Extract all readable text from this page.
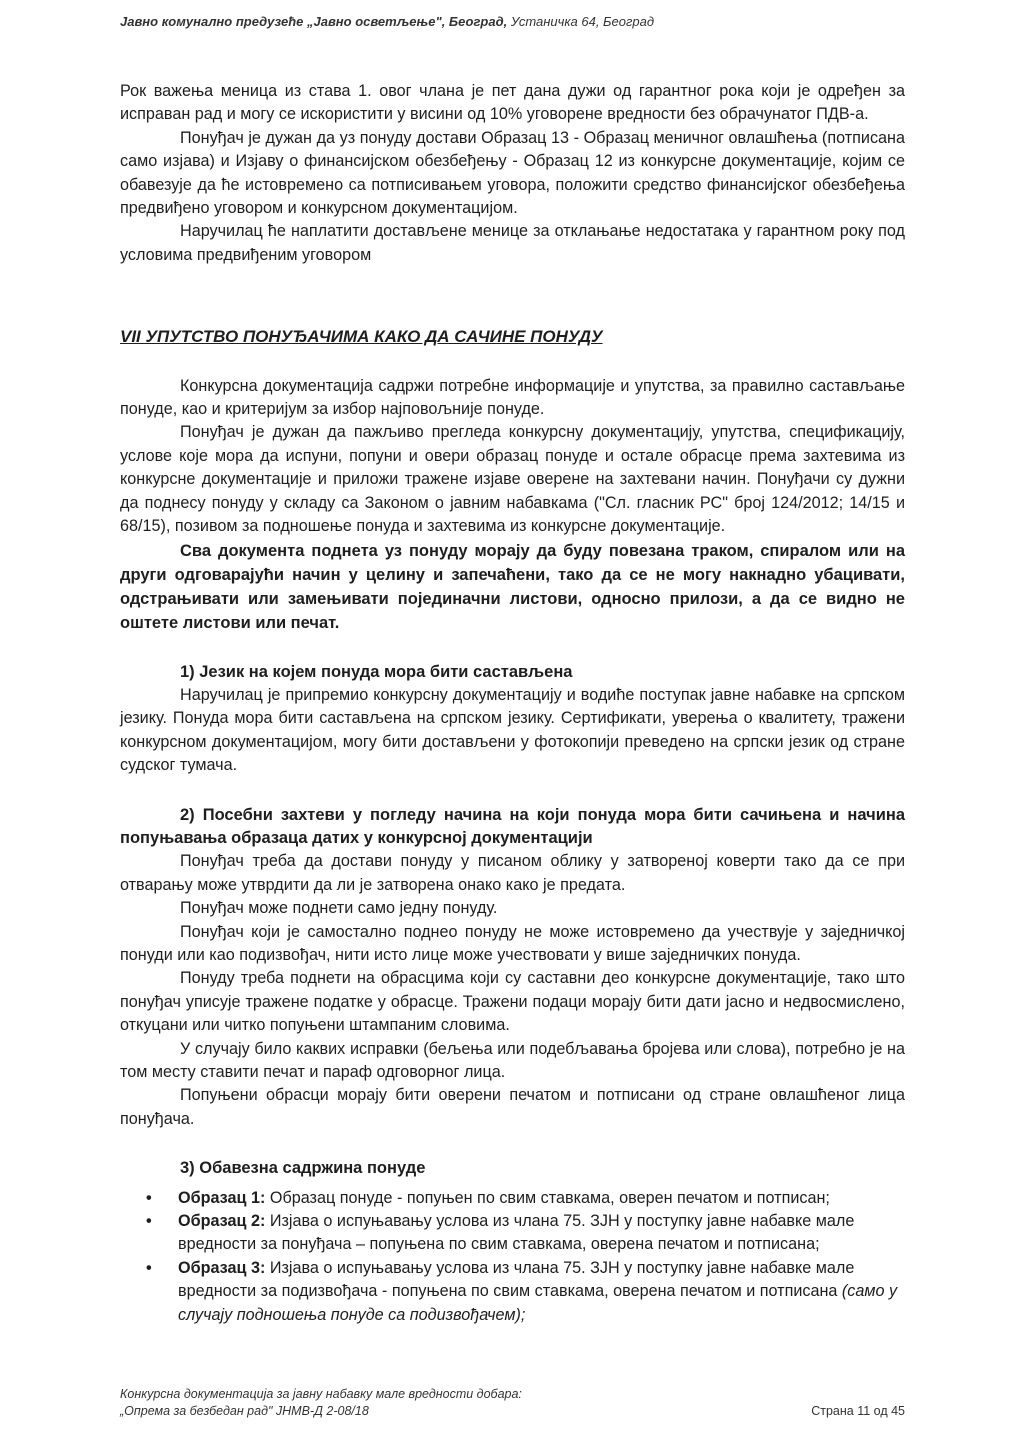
Јавно комунално предузеће „Јавно осветљење", Београд, Устаничка 64, Београд

Рок важења меница из става 1. овог члана је пет дана дужи од гарантног рока који је одређен за исправан рад и могу се искористити у висини од 10% уговорене вредности без обрачунатог ПДВ-а.

Понуђач је дужан да уз понуду достави Образац 13 - Образац меничног овлашћења (потписана само изјава) и Изјаву о финансијском обезбеђењу - Образац 12 из конкурсне документације, којим се обавезује да ће истовремено са потписивањем уговора, положити средство финансијског обезбеђења предвиђено уговором и конкурсном документацијом.

Наручилац ће наплатити достављене менице за отклањање недостатака у гарантном року под условима предвиђеним уговором

VII УПУТСТВО ПОНУЂАЧИМА КАКО ДА САЧИНЕ ПОНУДУ

Конкурсна документација садржи потребне информације и упутства, за правилно састављање понуде, као и критеријум за избор најповољније понуде.

Понуђач је дужан да пажљиво прегледа конкурсну документацију, упутства, спецификацију, услове које мора да испуни, попуни и овери образац понуде и остале обрасце према захтевима из конкурсне документације и приложи тражене изјаве оверене на захтевани начин. Понуђачи су дужни да поднесу понуду у складу са Законом о јавним набавкама ("Сл. гласник РС" број 124/2012; 14/15 и 68/15), позивом за подношење понуда и захтевима из конкурсне документације.

Сва документа поднета уз понуду морају да буду повезана траком, спиралом или на други одговарајући начин у целину и запечаћени, тако да се не могу накнадно убацивати, одстрањивати или замењивати појединачни листови, односно прилози, а да се видно не оштете листови или печат.

1) Језик на којем понуда мора бити састављена

Наручилац је припремио конкурсну документацију и водиће поступак јавне набавке на српском језику. Понуда мора бити састављена на српском језику. Сертификати, уверења о квалитету, тражени конкурсном документацијом, могу бити достављени у фотокопији преведено на српски језик од стране судског тумача.

2) Посебни захтеви у погледу начина на који понуда мора бити сачињена и начина попуњавања образаца датих у конкурсној документацији

Понуђач треба да достави понуду у писаном облику у затвореној коверти тако да се при отварању може утврдити да ли је затворена онако како је предата.

Понуђач може поднети само једну понуду.

Понуђач који је самостално поднео понуду не може истовремено да учествује у заједничкој понуди или као подизвођач, нити исто лице може учествовати у више заједничких понуда.

Понуду треба поднети на обрасцима који су саставни део конкурсне документације, тако што понуђач уписује тражене податке у обрасце. Тражени подаци морају бити дати јасно и недвосмислено, откуцани или читко попуњени штампаним словима.

У случају било каквих исправки (бељења или подебљавања бројева или слова), потребно је на том месту ставити печат и параф одговорног лица.

Попуњени обрасци морају бити оверени печатом и потписани од стране овлашћеног лица понуђача.

3) Обавезна садржина понуде
• Образац 1: Образац понуде - попуњен по свим ставкама, оверен печатом и потписан;
• Образац 2: Изјава о испуњавању услова из члана 75. ЗЈН у поступку јавне набавке мале вредности за понуђача – попуњена по свим ставкама, оверена печатом и потписана;
• Образац 3: Изјава о испуњавању услова из члана 75. ЗЈН у поступку јавне набавке мале вредности за подизвођача - попуњена по свим ставкама, оверена печатом и потписана (само у случају подношења понуде са подизвођачем);
Конкурсна документација за јавну набавку мале вредности добара:
„Опрема за безбедан рад" ЈНМВ-Д 2-08/18	Страна 11 од 45
